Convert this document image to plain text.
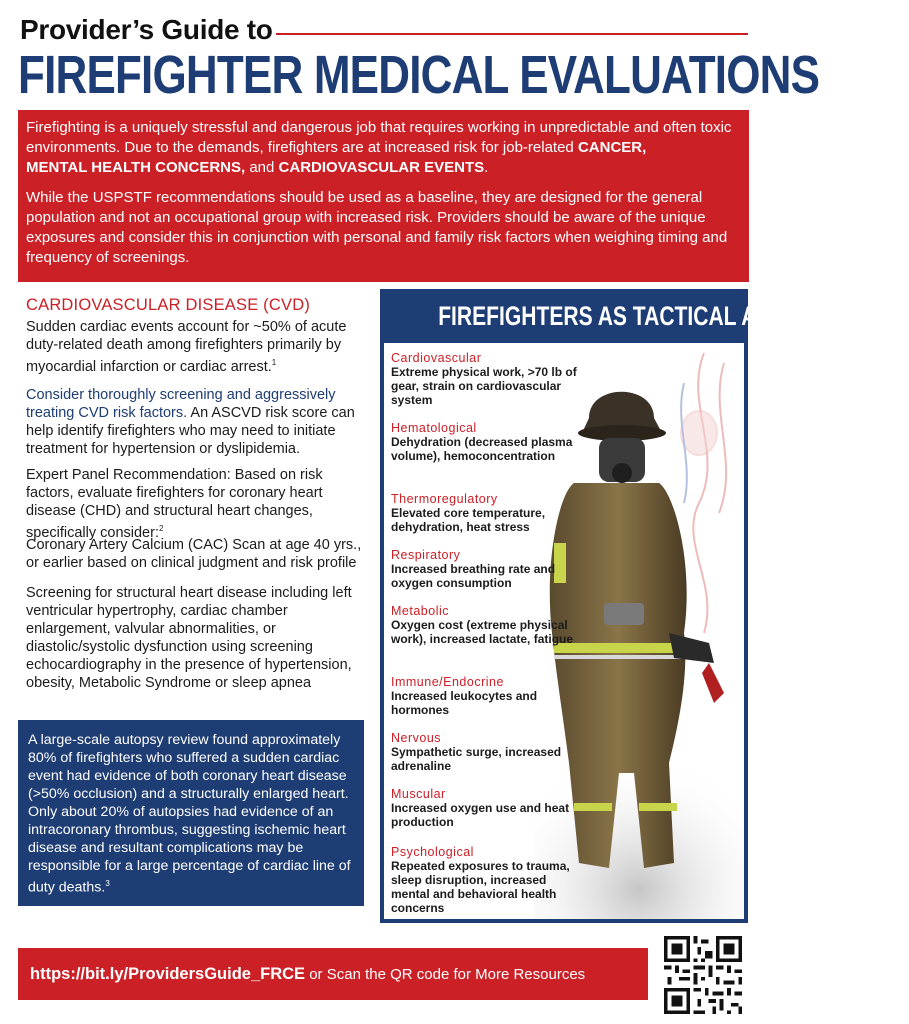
Provider’s Guide to
FIREFIGHTER MEDICAL EVALUATIONS

Firefighting is a uniquely stressful and dangerous job that requires working in unpredictable and often toxic environments. Due to the demands, firefighters are at increased risk for job-related CANCER,
MENTAL HEALTH CONCERNS, and CARDIOVASCULAR EVENTS.

While the USPSTF recommendations should be used as a baseline, they are designed for the general population and not an occupational group with increased risk. Providers should be aware of the unique exposures and consider this in conjunction with personal and family risk factors when weighing timing and frequency of screenings.

CARDIOVASCULAR DISEASE (CVD)
Sudden cardiac events account for ~50% of acute duty-related death among firefighters primarily by myocardial infarction or cardiac arrest.$^1$
Consider thoroughly screening and aggressively treating CVD risk factors. An ASCVD risk score can help identify firefighters who may need to initiate treatment for hypertension or dyslipidemia.
Expert Panel Recommendation: Based on risk factors, evaluate firefighters for coronary heart disease (CHD) and structural heart changes, specifically consider:$^2$
Coronary Artery Calcium (CAC) Scan at age 40 yrs., or earlier based on clinical judgment and risk profile
Screening for structural heart disease including left ventricular hypertrophy, cardiac chamber enlargement, valvular abnormalities, or diastolic/systolic dysfunction using screening echocardiography in the presence of hypertension, obesity, Metabolic Syndrome or sleep apnea
A large-scale autopsy review found approximately 80% of firefighters who suffered a sudden cardiac event had evidence of both coronary heart disease (>50% occlusion) and a structurally enlarged heart. Only about 20% of autopsies had evidence of an intracoronary thrombus, suggesting ischemic heart disease and resultant complications may be responsible for a large percentage of cardiac line of duty deaths.$^3$
FIREFIGHTERS AS TACTICAL ATHLETES
Cardiovascular
Extreme physical work, >70 lb of gear, strain on cardiovascular system
Hematological
Dehydration (decreased plasma volume), hemoconcentration
Thermoregulatory
Elevated core temperature, dehydration, heat stress
Respiratory
Increased breathing rate and oxygen consumption
Metabolic
Oxygen cost (extreme physical work), increased lactate, fatigue
Immune/Endocrine
Increased leukocytes and hormones
Nervous
Sympathetic surge, increased adrenaline
Muscular
Increased oxygen use and heat production
Psychological
Repeated exposures to trauma, sleep disruption, increased mental and behavioral health concerns
https://bit.ly/ProvidersGuide_FRCE or Scan the QR code for More Resources
